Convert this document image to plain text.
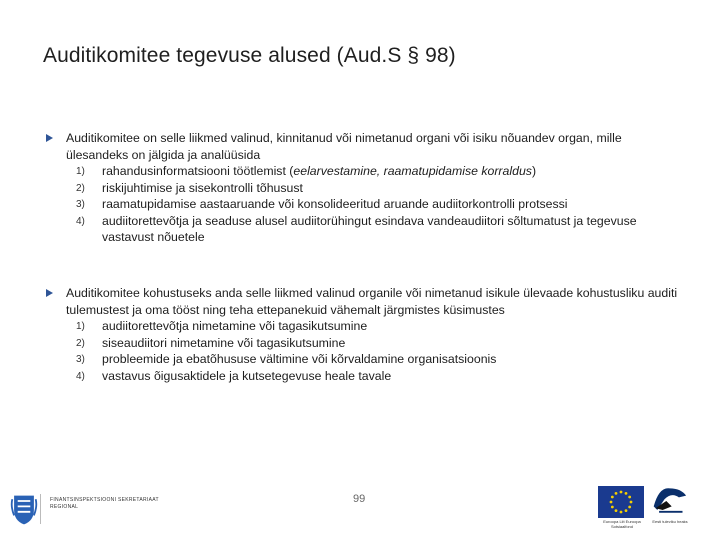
Auditikomitee tegevuse alused (Aud.S § 98)
Auditikomitee on selle liikmed valinud, kinnitanud või nimetanud organi või isiku nõuandev organ, mille ülesandeks on jälgida ja analüüsida
1) rahandusinformatsiooni töötlemist (eelarvestamine, raamatupidamise korraldus)
2) riskijuhtimise ja sisekontrolli tõhusust
3) raamatupidamise aastaaruande või konsolideeritud aruande audiitorkontrolli protsessi
4) audiitorettevõtja ja seaduse alusel audiitorühingut esindava vandeaudiitori sõltumatust ja tegevuse vastavust nõuetele
Auditikomitee kohustuseks anda selle liikmed valinud organile või nimetanud isikule ülevaade kohustusliku auditi tulemustest ja oma tööst ning teha ettepanekuid vähemalt järgmistes küsimustes
1) audiitorettevõtja nimetamine või tagasikutsumine
2) siseaudiitori nimetamine või tagasikutsumine
3) probleemide ja ebatõhususe vältimine või kõrvaldamine organisatsioonis
4) vastavus õigusaktidele ja kutsetegevuse heale tavale
FINANTSINSPEKTSIOONI SEKRETARIAAT
REGIONAL
99
Euroopa Liit Euroopa Sotsiaalfond
Eesti tuleviku heaks
